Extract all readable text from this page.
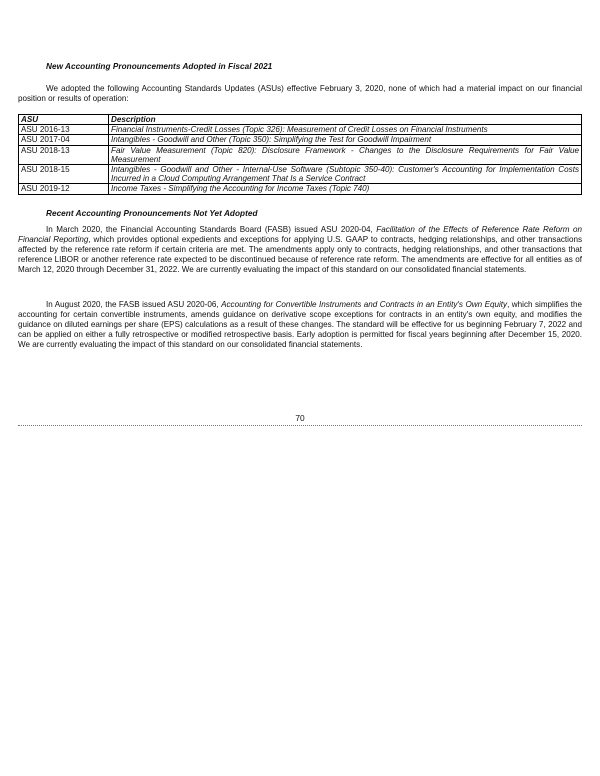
New Accounting Pronouncements Adopted in Fiscal 2021

We adopted the following Accounting Standards Updates (ASUs) effective February 3, 2020, none of which had a material impact on our financial position or results of operation:

ASU	Description
ASU 2016-13	Financial Instruments-Credit Losses (Topic 326): Measurement of Credit Losses on Financial Instruments
ASU 2017-04	Intangibles - Goodwill and Other (Topic 350): Simplifying the Test for Goodwill Impairment
ASU 2018-13	Fair Value Measurement (Topic 820): Disclosure Framework - Changes to the Disclosure Requirements for Fair Value Measurement
ASU 2018-15	Intangibles - Goodwill and Other - Internal-Use Software (Subtopic 350-40): Customer's Accounting for Implementation Costs Incurred in a Cloud Computing Arrangement That Is a Service Contract
ASU 2019-12	Income Taxes - Simplifying the Accounting for Income Taxes (Topic 740)
Recent Accounting Pronouncements Not Yet Adopted

In March 2020, the Financial Accounting Standards Board (FASB) issued ASU 2020-04, Facilitation of the Effects of Reference Rate Reform on Financial Reporting, which provides optional expedients and exceptions for applying U.S. GAAP to contracts, hedging relationships, and other transactions affected by the reference rate reform if certain criteria are met. The amendments apply only to contracts, hedging relationships, and other transactions that reference LIBOR or another reference rate expected to be discontinued because of reference rate reform. The amendments are effective for all entities as of March 12, 2020 through December 31, 2022. We are currently evaluating the impact of this standard on our consolidated financial statements.

In August 2020, the FASB issued ASU 2020-06, Accounting for Convertible Instruments and Contracts in an Entity's Own Equity, which simplifies the accounting for certain convertible instruments, amends guidance on derivative scope exceptions for contracts in an entity's own equity, and modifies the guidance on diluted earnings per share (EPS) calculations as a result of these changes. The standard will be effective for us beginning February 7, 2022 and can be applied on either a fully retrospective or modified retrospective basis. Early adoption is permitted for fiscal years beginning after December 15, 2020. We are currently evaluating the impact of this standard on our consolidated financial statements.

70
